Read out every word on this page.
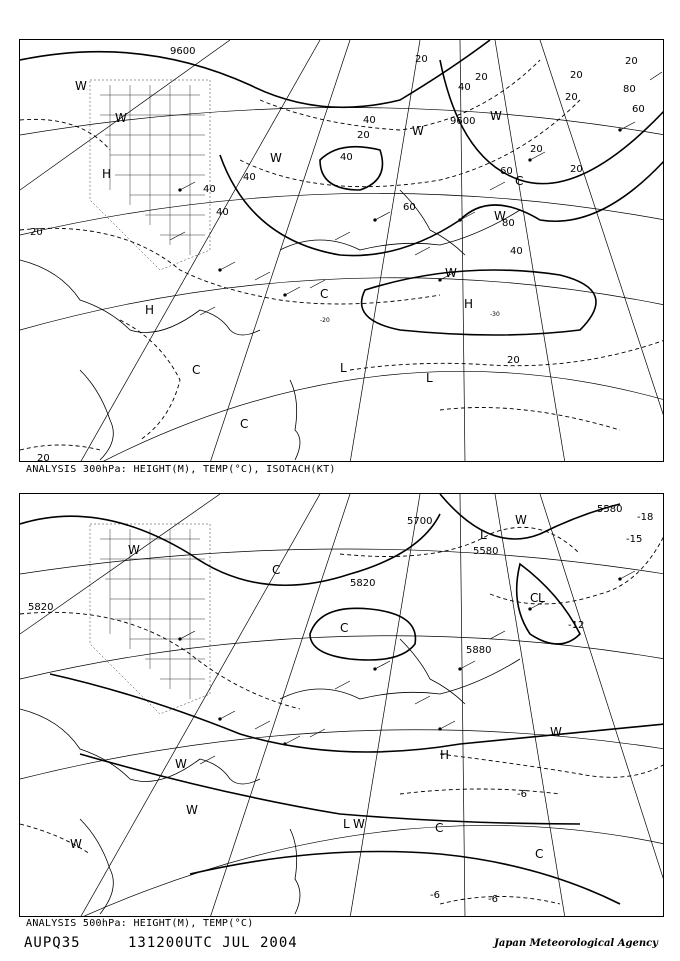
9600
9600
20
20	20
20
20
20
20
40
40
40
40
40
60
60
60
80
80
40
20
20
40
20
20
W
W
H
H
W
W
C
C
W
W
H
C	L
L
C
W
-30
-20
ANALYSIS 300hPa: HEIGHT(M), TEMP(°C), ISOTACH(KT)
5700
5580
5580
5820
5820
5880
W
W
L
C
C
L
C
W
W
W
H
L	C
W
C
W
-18
-15
-12
-6
-6
-6
ANALYSIS 500hPa: HEIGHT(M), TEMP(°C)
AUPQ35	131200UTC JUL 2004	Japan Meteorological Agency
